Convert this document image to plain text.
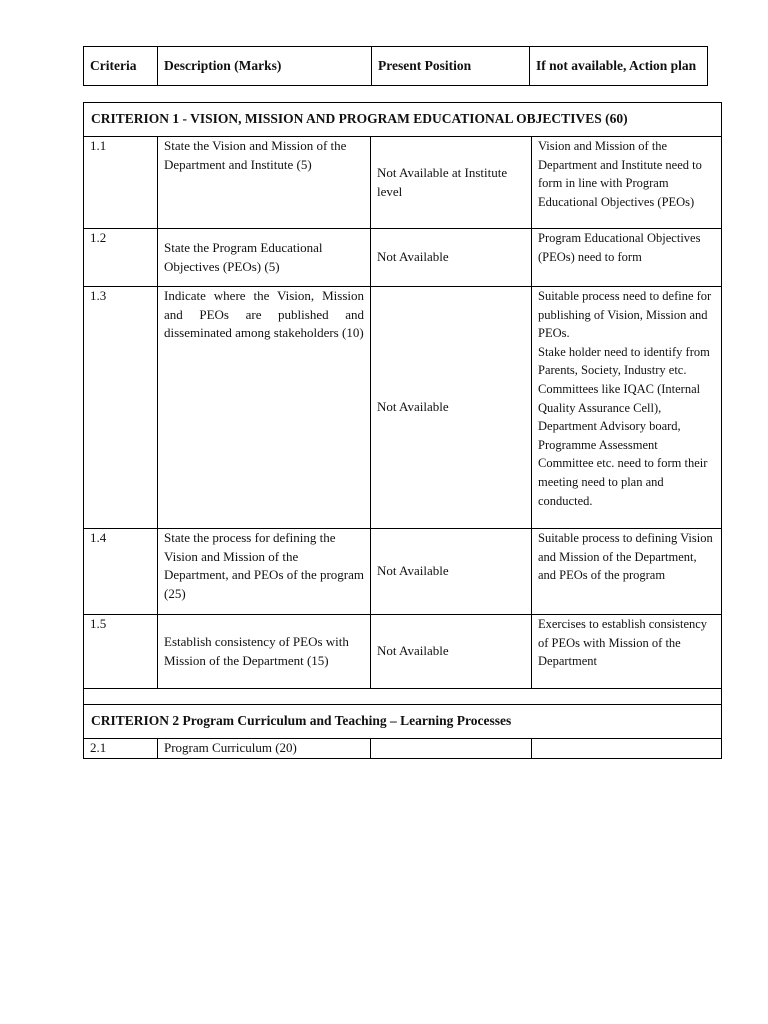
Criteria	Description (Marks)	Present Position	If not available, Action plan
CRITERION 1 - VISION, MISSION AND PROGRAM EDUCATIONAL OBJECTIVES (60)			
1.1	State the Vision and Mission of the Department and Institute (5)	Not Available at Institute level	Vision and Mission of the Department and Institute need to form in line with Program Educational Objectives (PEOs)
1.2	State the Program Educational Objectives (PEOs) (5)	Not Available	Program Educational Objectives (PEOs) need to form
1.3	Indicate where the Vision, Mission and PEOs are published and disseminated among stakeholders (10)	Not Available	Suitable process need to define for publishing of Vision, Mission and PEOs.
Stake holder need to identify from Parents, Society, Industry etc.
Committees like IQAC (Internal Quality Assurance Cell), Department Advisory board, Programme Assessment Committee etc. need to form their meeting need to plan and conducted.

1.4	State the process for defining the Vision and Mission of the Department, and PEOs of the program (25)	Not Available	Suitable process to defining Vision and Mission of the Department, and PEOs of the program
1.5	Establish consistency of PEOs with Mission of the Department (15)	Not Available	Exercises to establish consistency of PEOs with Mission of the Department

CRITERION 2 Program Curriculum and Teaching – Learning Processes			
2.1	Program Curriculum (20)		
